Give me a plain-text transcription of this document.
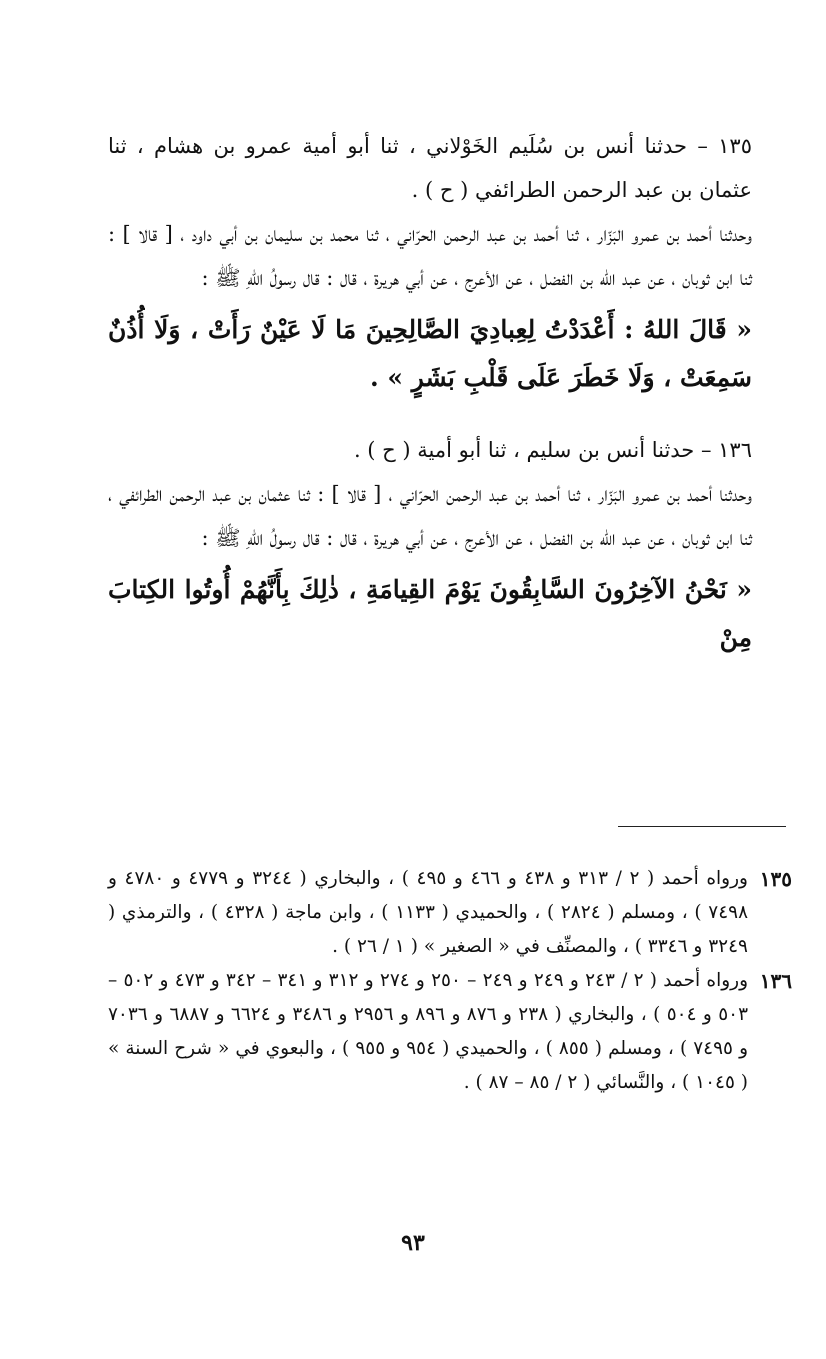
١٣٥ – حدثنا أنس بن سُلَيم الخَوْلاني ، ثنا أبو أمية عمرو بن هشام ، ثنا عثمان بن عبد الرحمن الطرائفي ( ح ) .

وحدثنا أحمد بن عمرو البَزّار ، ثنا أحمد بن عبد الرحمن الحرّاني ، ثنا محمد بن سليمان بن أبي داود ، [ قالا ] : ثنا ابن ثوبان ، عن عبد الله بن الفضل ، عن الأعرج ، عن أبي هريرة ، قال : قال رسولُ اللهِ ﷺ :

« قَالَ اللهُ : أَعْدَدْتُ لِعِبادِيَ الصَّالِحِينَ مَا لَا عَيْنٌ رَأَتْ ، وَلَا أُذُنٌ سَمِعَتْ ، وَلَا خَطَرَ عَلَى قَلْبِ بَشَرٍ » .

١٣٦ – حدثنا أنس بن سليم ، ثنا أبو أمية ( ح ) .

وحدثنا أحمد بن عمرو البَزّار ، ثنا أحمد بن عبد الرحمن الحرّاني ، [ قالا ] : ثنا عثمان بن عبد الرحمن الطرائفي ، ثنا ابن ثوبان ، عن عبد الله بن الفضل ، عن الأعرج ، عن أبي هريرة ، قال : قال رسولُ اللهِ ﷺ :

« نَحْنُ الآخِرُونَ السَّابِقُونَ يَوْمَ القِيامَةِ ، ذٰلِكَ بِأَنَّهُمْ أُوتُوا الكِتابَ مِنْ

١٣٥
ورواه أحمد ( ٢ / ٣١٣ و ٤٣٨ و ٤٦٦ و ٤٩٥ ) ، والبخاري ( ٣٢٤٤ و ٤٧٧٩ و ٤٧٨٠ و ٧٤٩٨ ) ، ومسلم ( ٢٨٢٤ ) ، والحميدي ( ١١٣٣ ) ، وابن ماجة ( ٤٣٢٨ ) ، والترمذي ( ٣٢٤٩ و ٣٣٤٦ ) ، والمصنِّف في « الصغير » ( ١ / ٢٦ ) .
١٣٦
ورواه أحمد ( ٢ / ٢٤٣ و ٢٤٩ و ٢٤٩ – ٢٥٠ و ٢٧٤ و ٣١٢ و ٣٤١ – ٣٤٢ و ٤٧٣ و ٥٠٢ – ٥٠٣ و ٥٠٤ ) ، والبخاري ( ٢٣٨ و ٨٧٦ و ٨٩٦ و ٢٩٥٦ و ٣٤٨٦ و ٦٦٢٤ و ٦٨٨٧ و ٧٠٣٦ و ٧٤٩٥ ) ، ومسلم ( ٨٥٥ ) ، والحميدي ( ٩٥٤ و ٩٥٥ ) ، والبعوي في « شرح السنة » ( ١٠٤٥ ) ، والنَّسائي ( ٢ / ٨٥ – ٨٧ ) .
٩٣
